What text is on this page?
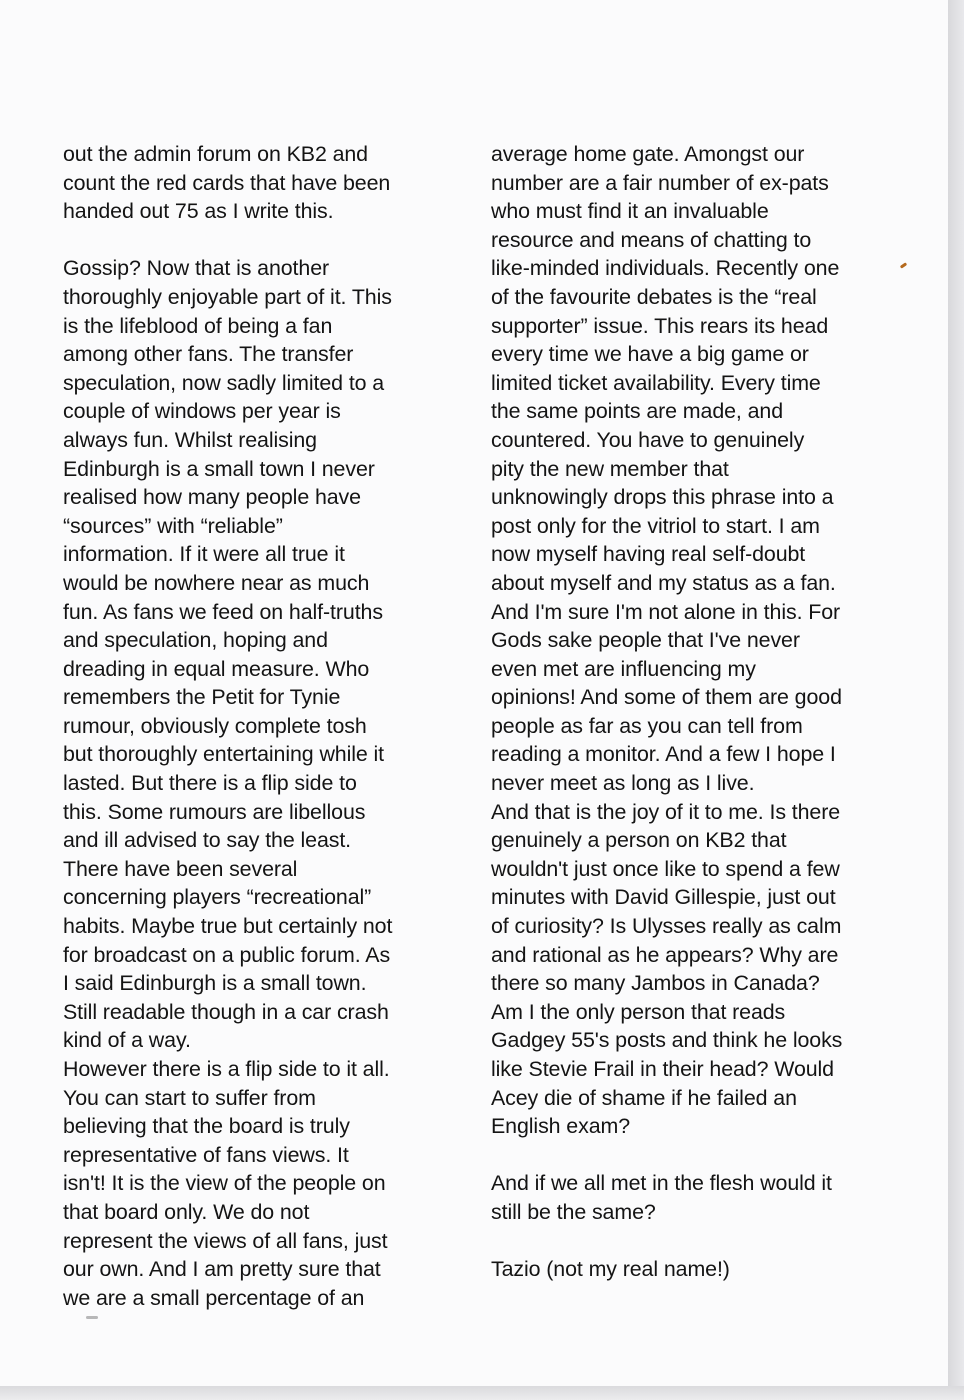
out the admin forum on KB2 and
count the red cards that have been
handed out 75 as I write this.
Gossip? Now that is another
thoroughly enjoyable part of it. This
is the lifeblood of being a fan
among other fans. The transfer
speculation, now sadly limited to a
couple of windows per year is
always fun. Whilst realising
Edinburgh is a small town I never
realised how many people have
“sources” with “reliable”
information. If it were all true it
would be nowhere near as much
fun. As fans we feed on half-truths
and speculation, hoping and
dreading in equal measure. Who
remembers the Petit for Tynie
rumour, obviously complete tosh
but thoroughly entertaining while it
lasted. But there is a flip side to
this. Some rumours are libellous
and ill advised to say the least.
There have been several
concerning players “recreational”
habits. Maybe true but certainly not
for broadcast on a public forum. As
I said Edinburgh is a small town.
Still readable though in a car crash
kind of a way.
However there is a flip side to it all.
You can start to suffer from
believing that the board is truly
representative of fans views. It
isn't! It is the view of the people on
that board only. We do not
represent the views of all fans, just
our own. And I am pretty sure that
we are a small percentage of an
average home gate. Amongst our
number are a fair number of ex-pats
who must find it an invaluable
resource and means of chatting to
like-minded individuals. Recently one
of the favourite debates is the “real
supporter” issue. This rears its head
every time we have a big game or
limited ticket availability. Every time
the same points are made, and
countered. You have to genuinely
pity the new member that
unknowingly drops this phrase into a
post only for the vitriol to start. I am
now myself having real self-doubt
about myself and my status as a fan.
And I'm sure I'm not alone in this. For
Gods sake people that I've never
even met are influencing my
opinions! And some of them are good
people as far as you can tell from
reading a monitor. And a few I hope I
never meet as long as I live.
And that is the joy of it to me. Is there
genuinely a person on KB2 that
wouldn't just once like to spend a few
minutes with David Gillespie, just out
of curiosity? Is Ulysses really as calm
and rational as he appears? Why are
there so many Jambos in Canada?
Am I the only person that reads
Gadgey 55's posts and think he looks
like Stevie Frail in their head? Would
Acey die of shame if he failed an
English exam?
And if we all met in the flesh would it
still be the same?
Tazio (not my real name!)
